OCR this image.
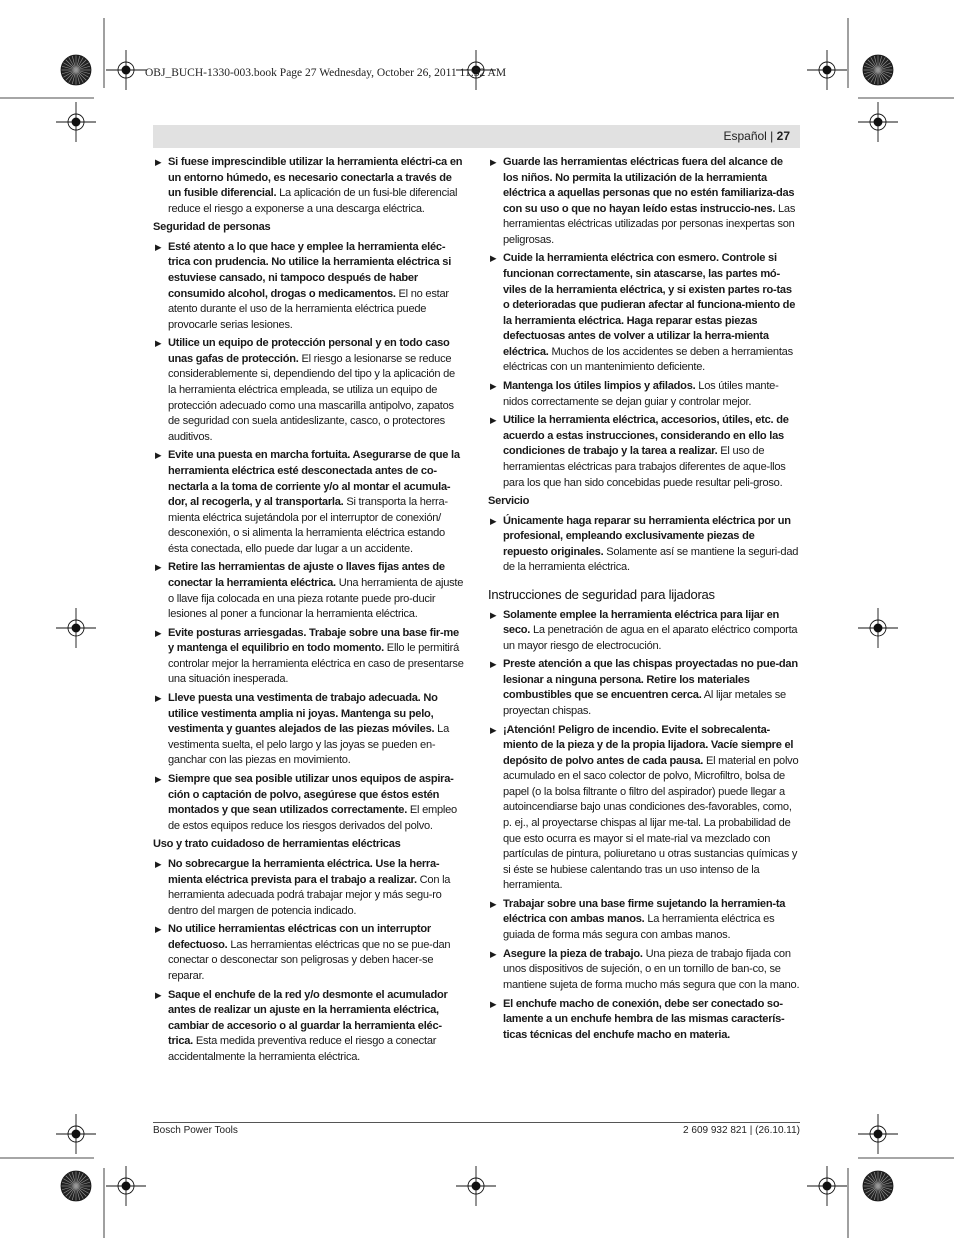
OBJ_BUCH-1330-003.book Page 27 Wednesday, October 26, 2011 11:52 AM
Español | 27
▶ Si fuese imprescindible utilizar la herramienta eléctri-ca en un entorno húmedo, es necesario conectarla a través de un fusible diferencial. La aplicación de un fusi-ble diferencial reduce el riesgo a exponerse a una descarga eléctrica.
Seguridad de personas
▶ Esté atento a lo que hace y emplee la herramienta eléc-trica con prudencia. No utilice la herramienta eléctrica si estuviese cansado, ni tampoco después de haber consumido alcohol, drogas o medicamentos. El no estar atento durante el uso de la herramienta eléctrica puede provocarle serias lesiones.
▶ Utilice un equipo de protección personal y en todo caso unas gafas de protección. El riesgo a lesionarse se reduce considerablemente si, dependiendo del tipo y la aplicación de la herramienta eléctrica empleada, se utiliza un equipo de protección adecuado como una mascarilla antipolvo, zapatos de seguridad con suela antideslizante, casco, o protectores auditivos.
▶ Evite una puesta en marcha fortuita. Asegurarse de que la herramienta eléctrica esté desconectada antes de co-nectarla a la toma de corriente y/o al montar el acumula-dor, al recogerla, y al transportarla. Si transporta la herra-mienta eléctrica sujetándola por el interruptor de conexión/ desconexión, o si alimenta la herramienta eléctrica estando ésta conectada, ello puede dar lugar a un accidente.
▶ Retire las herramientas de ajuste o llaves fijas antes de conectar la herramienta eléctrica. Una herramienta de ajuste o llave fija colocada en una pieza rotante puede pro-ducir lesiones al poner a funcionar la herramienta eléctrica.
▶ Evite posturas arriesgadas. Trabaje sobre una base fir-me y mantenga el equilibrio en todo momento. Ello le permitirá controlar mejor la herramienta eléctrica en caso de presentarse una situación inesperada.
▶ Lleve puesta una vestimenta de trabajo adecuada. No utilice vestimenta amplia ni joyas. Mantenga su pelo, vestimenta y guantes alejados de las piezas móviles. La vestimenta suelta, el pelo largo y las joyas se pueden en-ganchar con las piezas en movimiento.
▶ Siempre que sea posible utilizar unos equipos de aspira-ción o captación de polvo, asegúrese que éstos estén montados y que sean utilizados correctamente. El empleo de estos equipos reduce los riesgos derivados del polvo.
Uso y trato cuidadoso de herramientas eléctricas
▶ No sobrecargue la herramienta eléctrica. Use la herra-mienta eléctrica prevista para el trabajo a realizar. Con la herramienta adecuada podrá trabajar mejor y más segu-ro dentro del margen de potencia indicado.
▶ No utilice herramientas eléctricas con un interruptor defectuoso. Las herramientas eléctricas que no se pue-dan conectar o desconectar son peligrosas y deben hacer-se reparar.
▶ Saque el enchufe de la red y/o desmonte el acumulador antes de realizar un ajuste en la herramienta eléctrica, cambiar de accesorio o al guardar la herramienta eléc-trica. Esta medida preventiva reduce el riesgo a conectar accidentalmente la herramienta eléctrica.
▶ Guarde las herramientas eléctricas fuera del alcance de los niños. No permita la utilización de la herramienta eléctrica a aquellas personas que no estén familiariza-das con su uso o que no hayan leído estas instruccio-nes. Las herramientas eléctricas utilizadas por personas inexpertas son peligrosas.
▶ Cuide la herramienta eléctrica con esmero. Controle si funcionan correctamente, sin atascarse, las partes mó-viles de la herramienta eléctrica, y si existen partes ro-tas o deterioradas que pudieran afectar al funciona-miento de la herramienta eléctrica. Haga reparar estas piezas defectuosas antes de volver a utilizar la herra-mienta eléctrica. Muchos de los accidentes se deben a herramientas eléctricas con un mantenimiento deficiente.
▶ Mantenga los útiles limpios y afilados. Los útiles mante-nidos correctamente se dejan guiar y controlar mejor.
▶ Utilice la herramienta eléctrica, accesorios, útiles, etc. de acuerdo a estas instrucciones, considerando en ello las condiciones de trabajo y la tarea a realizar. El uso de herramientas eléctricas para trabajos diferentes de aque-llos para los que han sido concebidas puede resultar peli-groso.
Servicio
▶ Únicamente haga reparar su herramienta eléctrica por un profesional, empleando exclusivamente piezas de repuesto originales. Solamente así se mantiene la seguri-dad de la herramienta eléctrica.
Instrucciones de seguridad para lijadoras
▶ Solamente emplee la herramienta eléctrica para lijar en seco. La penetración de agua en el aparato eléctrico comporta un mayor riesgo de electrocución.
▶ Preste atención a que las chispas proyectadas no pue-dan lesionar a ninguna persona. Retire los materiales combustibles que se encuentren cerca. Al lijar metales se proyectan chispas.
▶ ¡Atención! Peligro de incendio. Evite el sobrecalenta-miento de la pieza y de la propia lijadora. Vacíe siempre el depósito de polvo antes de cada pausa. El material en polvo acumulado en el saco colector de polvo, Microfiltro, bolsa de papel (o la bolsa filtrante o filtro del aspirador) puede llegar a autoincendiarse bajo unas condiciones des-favorables, como, p. ej., al proyectarse chispas al lijar me-tal. La probabilidad de que esto ocurra es mayor si el mate-rial va mezclado con partículas de pintura, poliuretano u otras sustancias químicas y si éste se hubiese calentando tras un uso intenso de la herramienta.
▶ Trabajar sobre una base firme sujetando la herramien-ta eléctrica con ambas manos. La herramienta eléctrica es guiada de forma más segura con ambas manos.
▶ Asegure la pieza de trabajo. Una pieza de trabajo fijada con unos dispositivos de sujeción, o en un tornillo de ban-co, se mantiene sujeta de forma mucho más segura que con la mano.
▶ El enchufe macho de conexión, debe ser conectado so-lamente a un enchufe hembra de las mismas caracterís-ticas técnicas del enchufe macho en materia.
Bosch Power Tools	2 609 932 821 | (26.10.11)
